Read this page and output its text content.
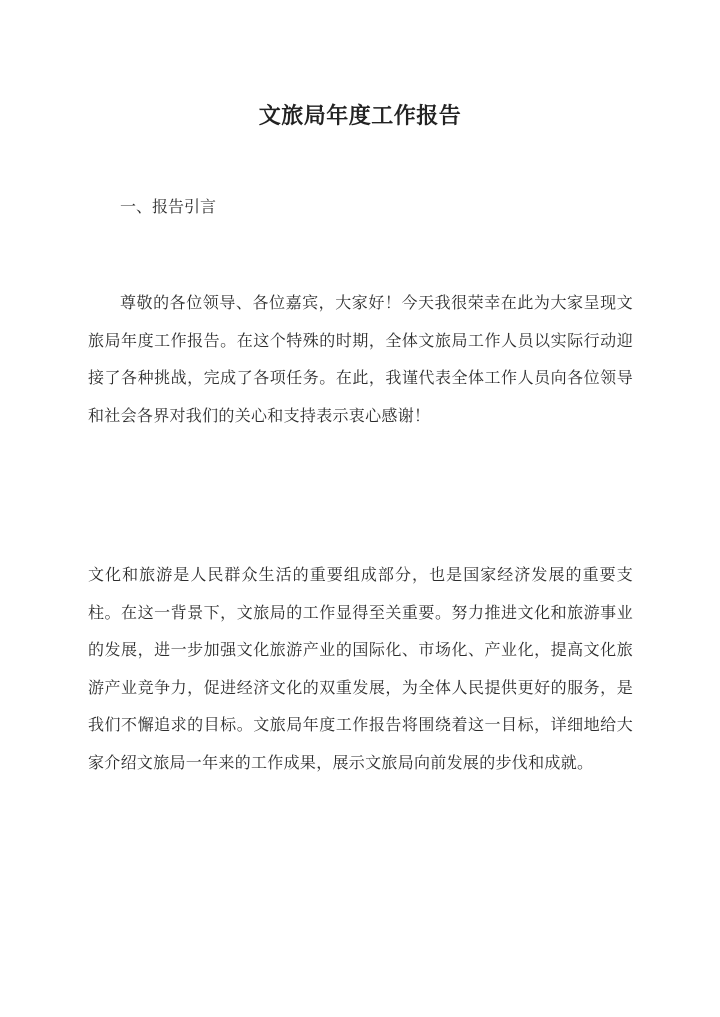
文旅局年度工作报告
一、报告引言

尊敬的各位领导、各位嘉宾，大家好！今天我很荣幸在此为大家呈现文旅局年度工作报告。在这个特殊的时期，全体文旅局工作人员以实际行动迎接了各种挑战，完成了各项任务。在此，我谨代表全体工作人员向各位领导和社会各界对我们的关心和支持表示衷心感谢！

文化和旅游是人民群众生活的重要组成部分，也是国家经济发展的重要支柱。在这一背景下，文旅局的工作显得至关重要。努力推进文化和旅游事业的发展，进一步加强文化旅游产业的国际化、市场化、产业化，提高文化旅游产业竞争力，促进经济文化的双重发展，为全体人民提供更好的服务，是我们不懈追求的目标。文旅局年度工作报告将围绕着这一目标，详细地给大家介绍文旅局一年来的工作成果，展示文旅局向前发展的步伐和成就。
